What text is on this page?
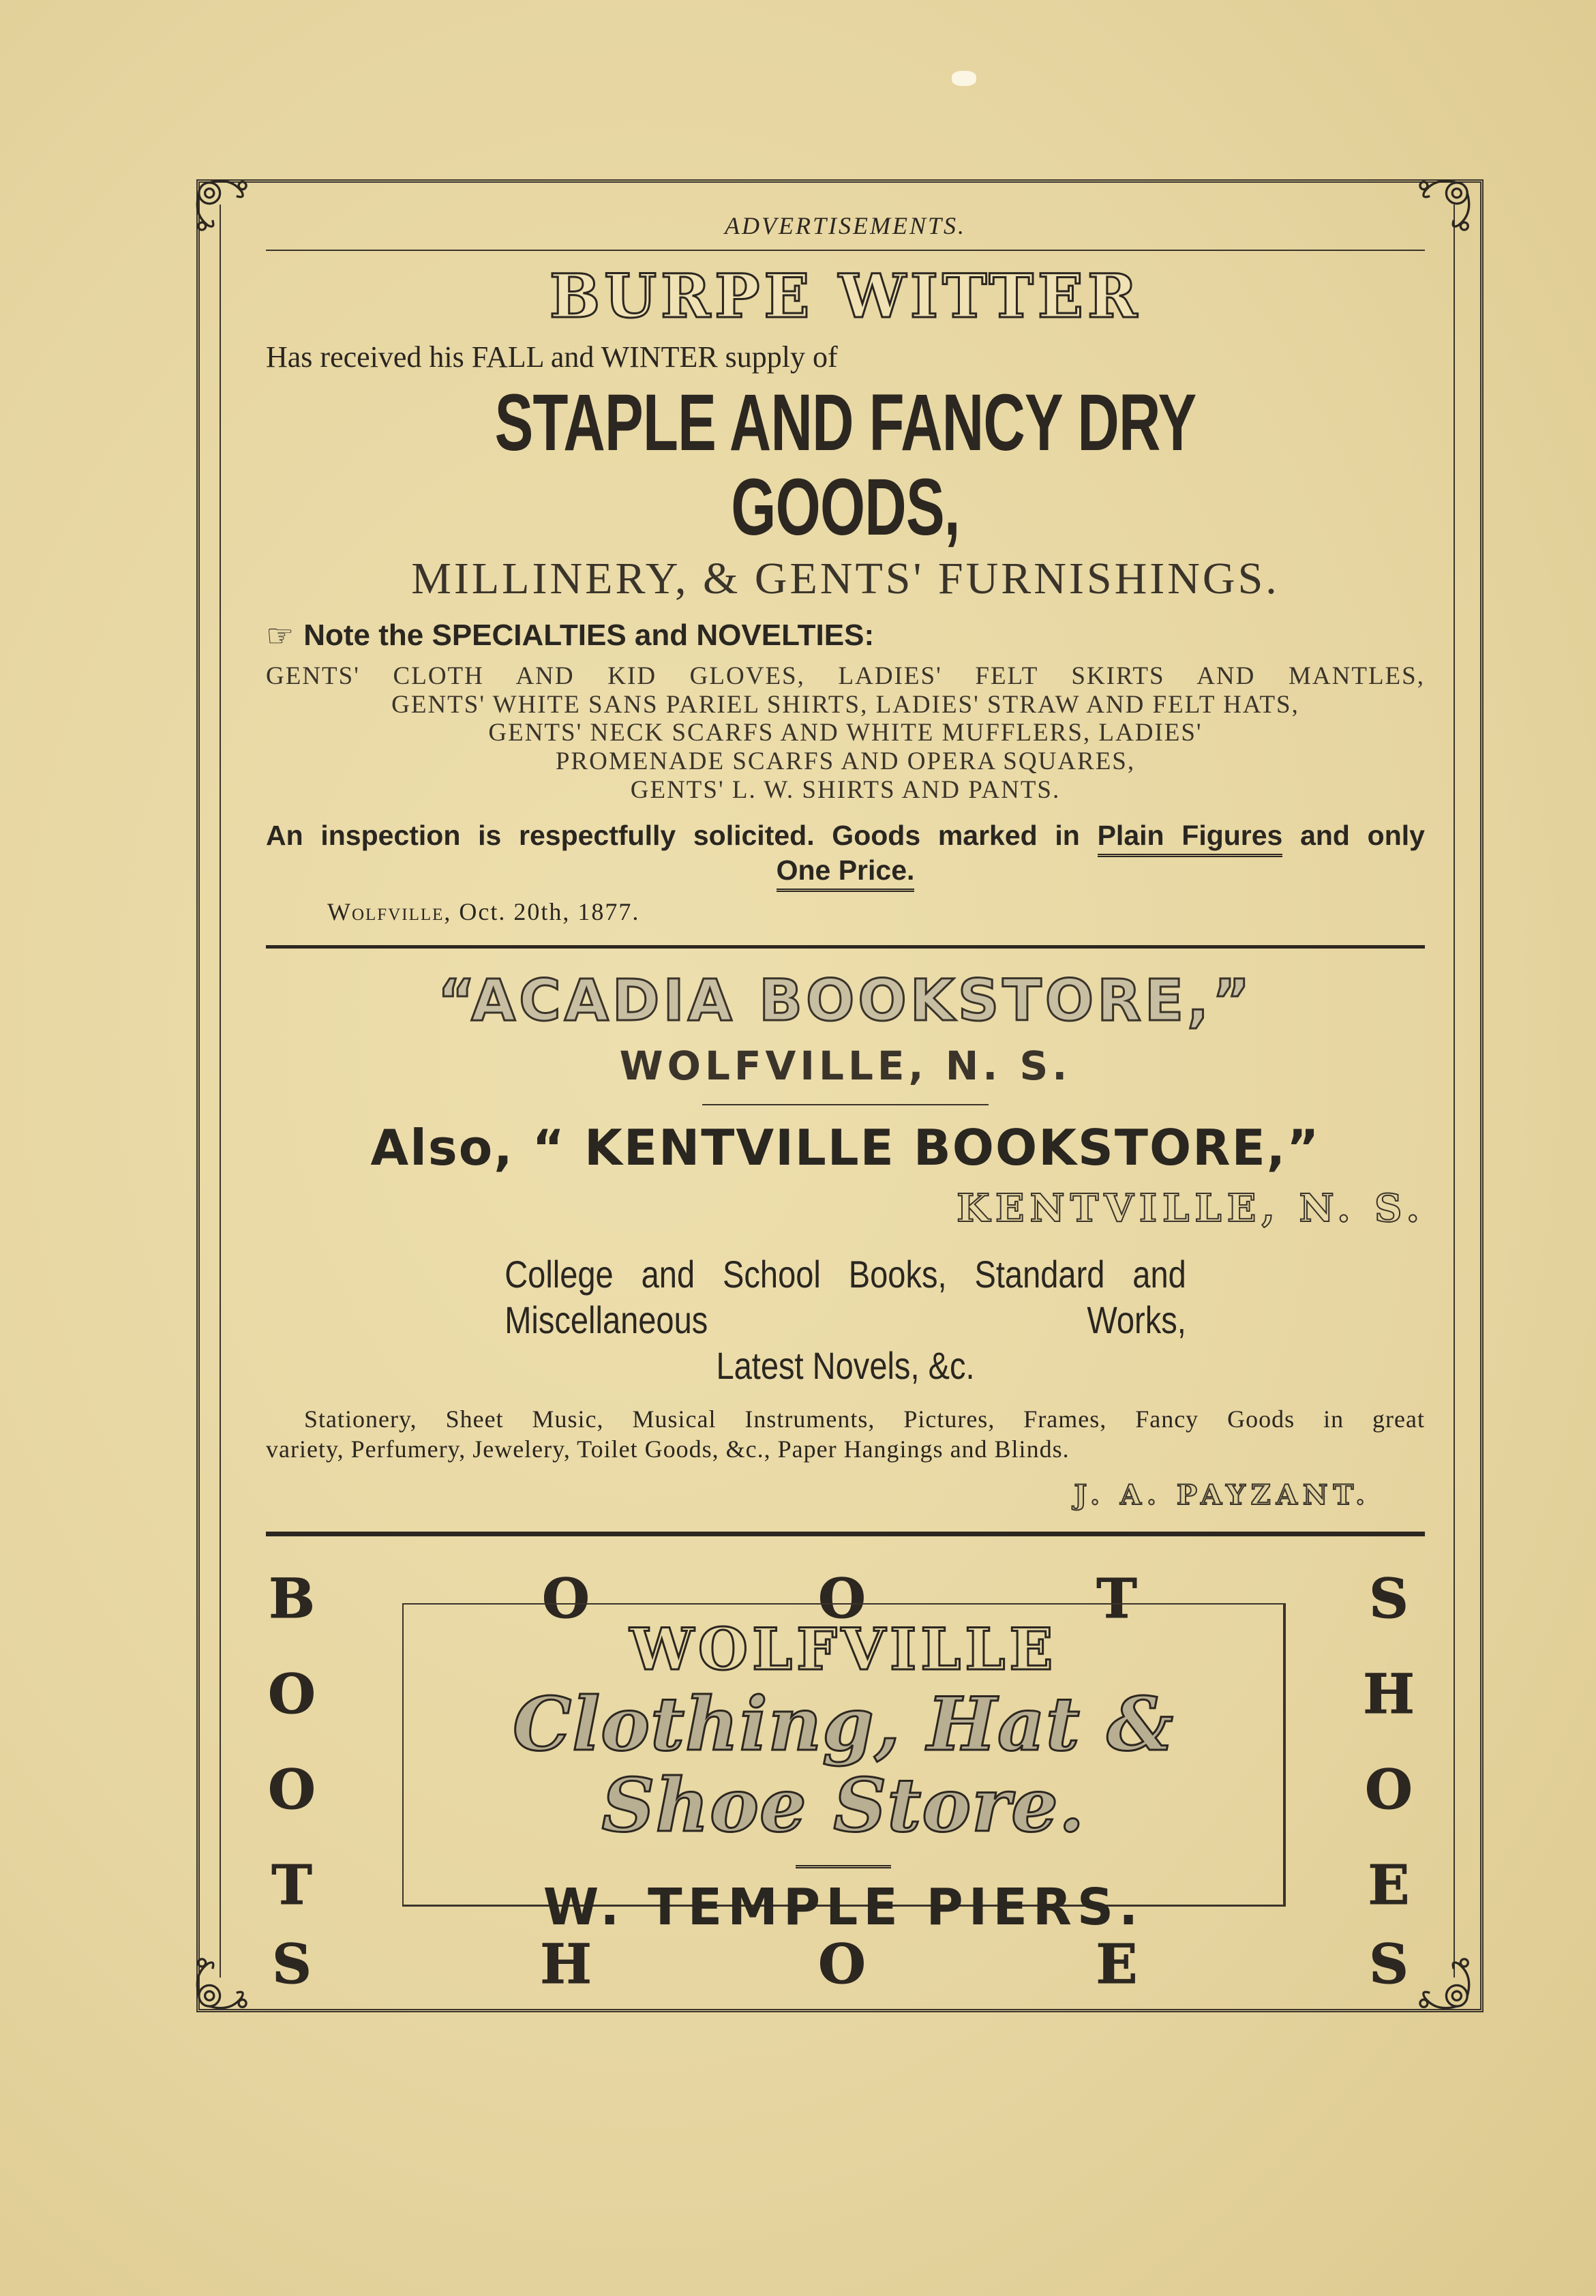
ADVERTISEMENTS.
BURPE WITTER
Has received his FALL and WINTER supply of
STAPLE AND FANCY DRY GOODS,
MILLINERY, & GENTS' FURNISHINGS.
☞ Note the SPECIALTIES and NOVELTIES:
GENTS' CLOTH AND KID GLOVES, LADIES' FELT SKIRTS AND MANTLES,
GENTS' WHITE SANS PARIEL SHIRTS, LADIES' STRAW AND FELT HATS,
GENTS' NECK SCARFS AND WHITE MUFFLERS, LADIES'
PROMENADE SCARFS AND OPERA SQUARES,
GENTS' L. W. SHIRTS AND PANTS.
An inspection is respectfully solicited. Goods marked in Plain Figures and only
One Price.
Wolfville, Oct. 20th, 1877.
“ACADIA BOOKSTORE,”
WOLFVILLE, N. S.
Also, “ KENTVILLE BOOKSTORE,”
KENTVILLE, N. S.
College and School Books, Standard and Miscellaneous Works,
Latest Novels, &c.
Stationery, Sheet Music, Musical Instruments, Pictures, Frames, Fancy Goods in great
variety, Perfumery, Jewelery, Toilet Goods, &c., Paper Hangings and Blinds.
J. A. PAYZANT.
B	O	O	T	S
O
O
T
H
O
E
WOLFVILLE
Clothing, Hat & Shoe Store.
W. TEMPLE PIERS.
S	H	O	E	S
